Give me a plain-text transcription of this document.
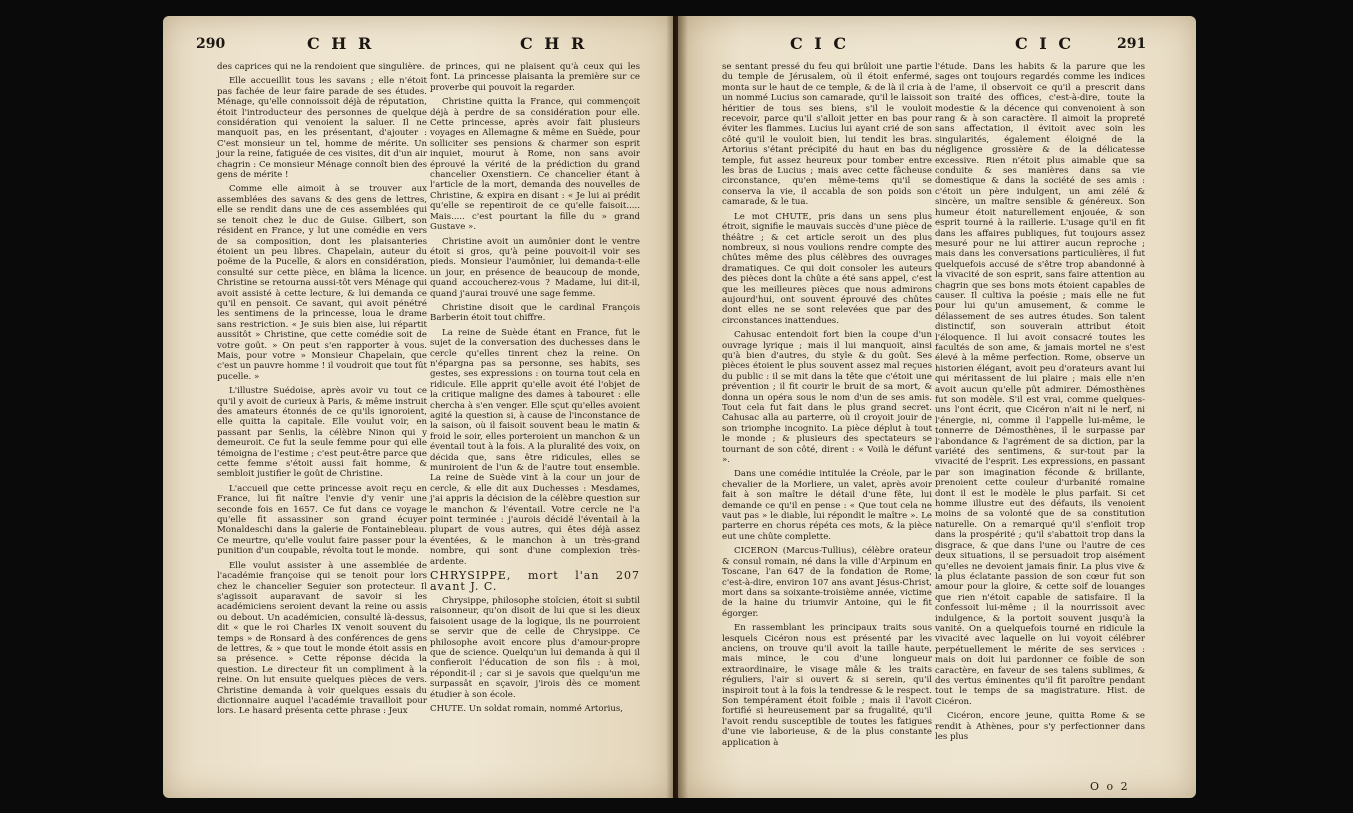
290	C H R	C H R

des caprices qui ne la rendoient que singulière.

Elle accueillit tous les savans ; elle n'étoit pas fachée de leur faire parade de ses études. Ménage, qu'elle connoissoit déjà de réputation, étoit l'introducteur des personnes de quelque considération qui venoient la saluer. Il ne manquoit pas, en les présentant, d'ajouter : C'est monsieur un tel, homme de mérite. Un jour la reine, fatiguée de ces visites, dit d'un air chagrin : Ce monsieur Ménage connoît bien des gens de mérite !

Comme elle aimoit à se trouver aux assemblées des savans & des gens de lettres, elle se rendit dans une de ces assemblées qui se tenoit chez le duc de Guise. Gilbert, son résident en France, y lut une comédie en vers de sa composition, dont les plaisanteries étoient un peu libres. Chapelain, auteur du poëme de la Pucelle, & alors en considération, consulté sur cette pièce, en blâma la licence. Christine se retourna aussi-tôt vers Ménage qui avoit assisté à cette lecture, & lui demanda ce qu'il en pensoit. Ce savant, qui avoit pénétré les sentimens de la princesse, loua le drame sans restriction. « Je suis bien aise, lui répartit aussitôt » Christine, que cette comédie soit de votre goût. » On peut s'en rapporter à vous. Mais, pour votre » Monsieur Chapelain, que c'est un pauvre homme ! il voudroit que tout fût pucelle. »

L'illustre Suédoise, après avoir vu tout ce qu'il y avoit de curieux à Paris, & même instruit des amateurs étonnés de ce qu'ils ignoroient, elle quitta la capitale. Elle voulut voir, en passant par Senlis, la célèbre Ninon qui y demeuroit. Ce fut la seule femme pour qui elle témoigna de l'estime ; c'est peut-être parce que cette femme s'étoit aussi fait homme, & sembloit justifier le goût de Christine.

L'accueil que cette princesse avoit reçu en France, lui fit naître l'envie d'y venir une seconde fois en 1657. Ce fut dans ce voyage qu'elle fit assassiner son grand écuyer Monaldeschi dans la galerie de Fontainebleau. Ce meurtre, qu'elle voulut faire passer pour la punition d'un coupable, révolta tout le monde.

Elle voulut assister à une assemblée de l'académie françoise qui se tenoit pour lors chez le chancelier Seguier son protecteur. Il s'agissoit auparavant de savoir si les académiciens seroient devant la reine ou assis ou debout. Un académicien, consulté là-dessus, dit « que le roi Charles IX venoit souvent du temps » de Ronsard à des conférences de gens de lettres, & » que tout le monde étoit assis en sa présence. » Cette réponse décida la question. Le directeur fit un compliment à la reine. On lut ensuite quelques pièces de vers. Christine demanda à voir quelques essais du dictionnaire auquel l'académie travailloit pour lors. Le hasard présenta cette phrase : Jeux

de princes, qui ne plaisent qu'à ceux qui les font. La princesse plaisanta la première sur ce proverbe qui pouvoit la regarder.

Christine quitta la France, qui commençoit déjà à perdre de sa considération pour elle. Cette princesse, après avoir fait plusieurs voyages en Allemagne & même en Suède, pour solliciter ses pensions & charmer son esprit inquiet, mourut à Rome, non sans avoir éprouvé la vérité de la prédiction du grand chancelier Oxenstiern. Ce chancelier étant à l'article de la mort, demanda des nouvelles de Christine, & expira en disant : « Je lui ai prédit qu'elle se repentiroit de ce qu'elle faisoit..... Mais..... c'est pourtant la fille du » grand Gustave ».

Christine avoit un aumônier dont le ventre étoit si gros, qu'à peine pouvoit-il voir ses pieds. Monsieur l'aumônier, lui demanda-t-elle un jour, en présence de beaucoup de monde, quand accoucherez-vous ? Madame, lui dit-il, quand j'aurai trouvé une sage femme.

Christine disoit que le cardinal François Barberin étoit tout chiffre.

La reine de Suède étant en France, fut le sujet de la conversation des duchesses dans le cercle qu'elles tinrent chez la reine. On n'épargna pas sa personne, ses habits, ses gestes, ses expressions : on tourna tout cela en ridicule. Elle apprit qu'elle avoit été l'objet de la critique maligne des dames à tabouret : elle chercha à s'en venger. Elle sçut qu'elles avoient agité la question si, à cause de l'inconstance de la saison, où il faisoit souvent beau le matin & froid le soir, elles porteroient un manchon & un éventail tout à la fois. A la pluralité des voix, on décida que, sans être ridicules, elles se muniroient de l'un & de l'autre tout ensemble. La reine de Suède vint à la cour un jour de cercle, & elle dit aux Duchesses : Mesdames, j'ai appris la décision de la célèbre question sur le manchon & l'éventail. Votre cercle ne l'a point terminée : j'aurois décidé l'éventail à la plupart de vous autres, qui êtes déjà assez éventées, & le manchon à un très-grand nombre, qui sont d'une complexion très-ardente.

CHRYSIPPE, mort l'an 207 avant J. C.

Chrysippe, philosophe stoïcien, étoit si subtil raisonneur, qu'on disoit de lui que si les dieux faisoient usage de la logique, ils ne pourroient se servir que de celle de Chrysippe. Ce philosophe avoit encore plus d'amour-propre que de science. Quelqu'un lui demanda à qui il confieroit l'éducation de son fils : à moi, répondit-il ; car si je savois que quelqu'un me surpassât en sçavoir, j'irois dès ce moment étudier à son école.

CHUTE. Un soldat romain, nommé Artorius,

C I C	C I C	291

se sentant pressé du feu qui brûloit une partie du temple de Jérusalem, où il étoit enfermé, monta sur le haut de ce temple, & de là il cria à un nommé Lucius son camarade, qu'il le laissoit héritier de tous ses biens, s'il le vouloit recevoir, parce qu'il s'alloit jetter en bas pour éviter les flammes. Lucius lui ayant crié de son côté qu'il le vouloit bien, lui tendit les bras. Artorius s'étant précipité du haut en bas du temple, fut assez heureux pour tomber entre les bras de Lucius ; mais avec cette fâcheuse circonstance, qu'en même-tems qu'il se conserva la vie, il accabla de son poids son camarade, & le tua.

Le mot CHUTE, pris dans un sens plus étroit, signifie le mauvais succès d'une pièce de théâtre ; & cet article seroit un des plus nombreux, si nous voulions rendre compte des chûtes même des plus célèbres des ouvrages dramatiques. Ce qui doit consoler les auteurs des pièces dont la chûte a été sans appel, c'est que les meilleures pièces que nous admirons aujourd'hui, ont souvent éprouvé des chûtes dont elles ne se sont relevées que par des circonstances inattendues.

Cahusac entendoit fort bien la coupe d'un ouvrage lyrique ; mais il lui manquoit, ainsi qu'à bien d'autres, du style & du goût. Ses pièces étoient le plus souvent assez mal reçues du public : il se mit dans la tête que c'étoit une prévention ; il fit courir le bruit de sa mort, & donna un opéra sous le nom d'un de ses amis. Tout cela fut fait dans le plus grand secret. Cahusac alla au parterre, où il croyoit jouir de son triomphe incognito. La pièce déplut à tout le monde ; & plusieurs des spectateurs se tournant de son côté, dirent : « Voilà le défunt ».

Dans une comédie intitulée la Créole, par le chevalier de la Morliere, un valet, après avoir fait à son maître le détail d'une fête, lui demande ce qu'il en pense : « Que tout cela ne vaut pas » le diable, lui répondit le maître ». Le parterre en chorus répéta ces mots, & la pièce eut une chûte complette.

CICERON (Marcus-Tullius), célèbre orateur & consul romain, né dans la ville d'Arpinum en Toscane, l'an 647 de la fondation de Rome, c'est-à-dire, environ 107 ans avant Jésus-Christ, mort dans sa soixante-troisième année, victime de la haine du triumvir Antoine, qui le fit égorger.

En rassemblant les principaux traits sous lesquels Cicéron nous est présenté par les anciens, on trouve qu'il avoit la taille haute, mais mince, le cou d'une longueur extraordinaire, le visage mâle & les traits réguliers, l'air si ouvert & si serein, qu'il inspiroit tout à la fois la tendresse & le respect. Son tempérament étoit foible ; mais il l'avoit fortifié si heureusement par sa frugalité, qu'il l'avoit rendu susceptible de toutes les fatigues d'une vie laborieuse, & de la plus constante application à

l'étude. Dans les habits & la parure que les sages ont toujours regardés comme les indices de l'ame, il observoit ce qu'il a prescrit dans son traité des offices, c'est-à-dire, toute la modestie & la décence qui convenoient à son rang & à son caractère. Il aimoit la propreté sans affectation, il évitoit avec soin les singularités, également éloigné de la négligence grossière & de la délicatesse excessive. Rien n'étoit plus aimable que sa conduite & ses manières dans sa vie domestique & dans la société de ses amis : c'étoit un père indulgent, un ami zélé & sincère, un maître sensible & généreux. Son humeur étoit naturellement enjouée, & son esprit tourné à la raillerie. L'usage qu'il en fit dans les affaires publiques, fut toujours assez mesuré pour ne lui attirer aucun reproche ; mais dans les conversations particulières, il fut quelquefois accusé de s'être trop abandonné à la vivacité de son esprit, sans faire attention au chagrin que ses bons mots étoient capables de causer. Il cultiva la poésie ; mais elle ne fut pour lui qu'un amusement, & comme le délassement de ses autres études. Son talent distinctif, son souverain attribut étoit l'éloquence. Il lui avoit consacré toutes les facultés de son ame, & jamais mortel ne s'est élevé à la même perfection. Rome, observe un historien élégant, avoit peu d'orateurs avant lui qui méritassent de lui plaire ; mais elle n'en avoit aucun qu'elle pût admirer. Démosthènes fut son modèle. S'il est vrai, comme quelques-uns l'ont écrit, que Cicéron n'ait ni le nerf, ni l'énergie, ni, comme il l'appelle lui-même, le tonnerre de Démosthènes, il le surpasse par l'abondance & l'agrément de sa diction, par la variété des sentimens, & sur-tout par la vivacité de l'esprit. Les expressions, en passant par son imagination féconde & brillante, prenoient cette couleur d'urbanité romaine dont il est le modèle le plus parfait. Si cet homme illustre eut des défauts, ils venoient moins de sa volonté que de sa constitution naturelle. On a remarqué qu'il s'enfloit trop dans la prospérité ; qu'il s'abattoit trop dans la disgrace, & que dans l'une ou l'autre de ces deux situations, il se persuadoit trop aisément qu'elles ne devoient jamais finir. La plus vive & la plus éclatante passion de son cœur fut son amour pour la gloire, & cette soif de louanges que rien n'étoit capable de satisfaire. Il la confessoit lui-même ; il la nourrissoit avec indulgence, & la portoit souvent jusqu'à la vanité. On a quelquefois tourné en ridicule la vivacité avec laquelle on lui voyoit célébrer perpétuellement le mérite de ses services : mais on doit lui pardonner ce foible de son caractère, en faveur de ses talens sublimes, & des vertus éminentes qu'il fit paroître pendant tout le temps de sa magistrature. Hist. de Cicéron.

Cicéron, encore jeune, quitta Rome & se rendit à Athènes, pour s'y perfectionner dans les plus

O o 2
